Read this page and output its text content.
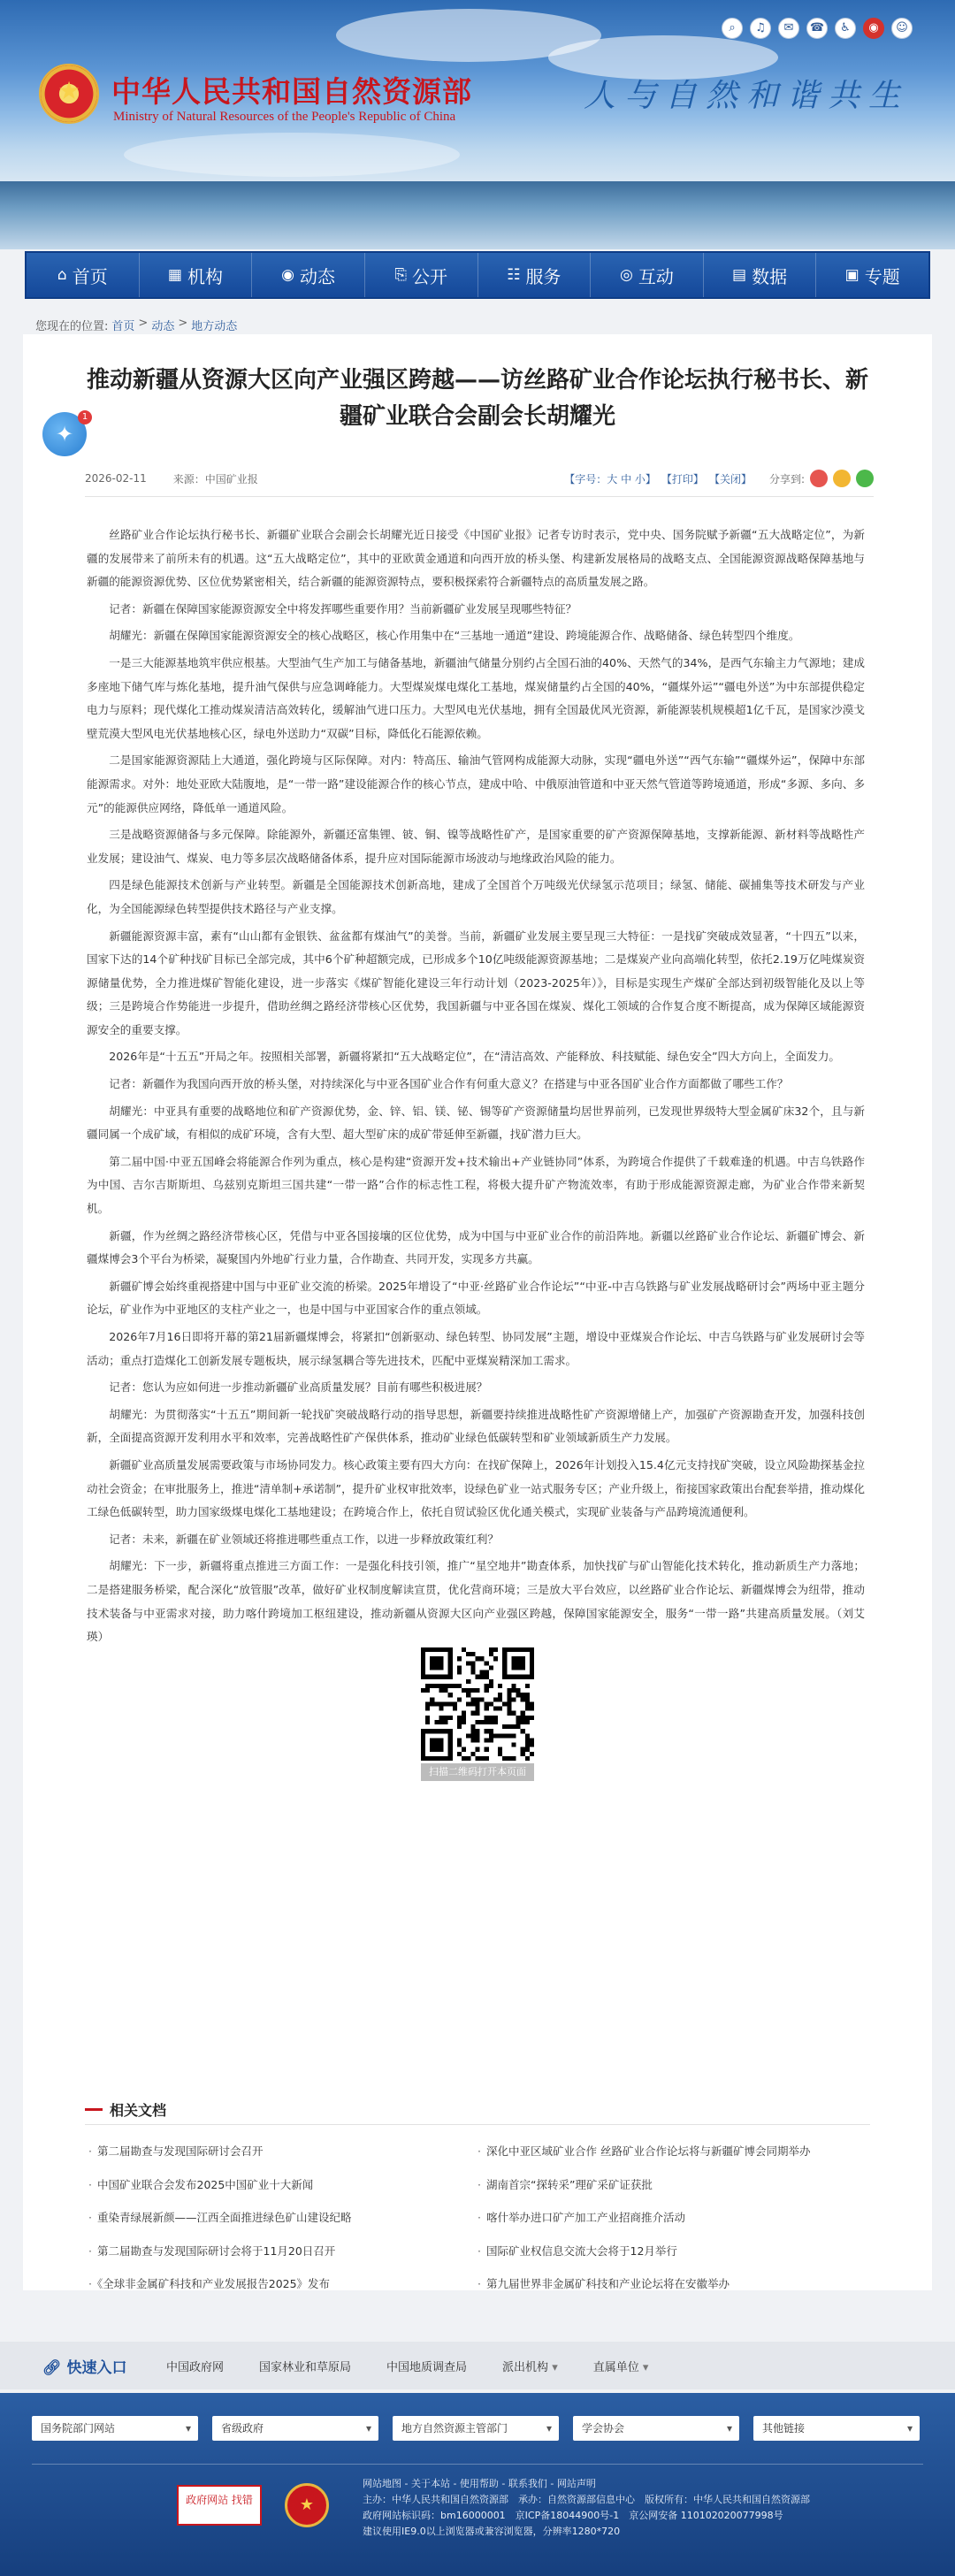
⌕	♫	✉	☎	♿	◉	☺
★
中华人民共和国自然资源部
Ministry of Natural Resources of the People's Republic of China
人与自然和谐共生
⌂ 首页	▦ 机构	◉ 动态	⎘ 公开	☷ 服务	◎ 互动	▤ 数据	▣ 专题
您现在的位置: 首页 > 动态 > 地方动态
✦
1
推动新疆从资源大区向产业强区跨越——访丝路矿业合作论坛执行秘书长、新疆矿业联合会副会长胡耀光
2026-02-11	来源：中国矿业报	【字号：大 中 小】 【打印】 【关闭】 分享到:

丝路矿业合作论坛执行秘书长、新疆矿业联合会副会长胡耀光近日接受《中国矿业报》记者专访时表示，党中央、国务院赋予新疆“五大战略定位”，为新疆的发展带来了前所未有的机遇。这“五大战略定位”，其中的亚欧黄金通道和向西开放的桥头堡、构建新发展格局的战略支点、全国能源资源战略保障基地与新疆的能源资源优势、区位优势紧密相关，结合新疆的能源资源特点，要积极探索符合新疆特点的高质量发展之路。

记者：新疆在保障国家能源资源安全中将发挥哪些重要作用？当前新疆矿业发展呈现哪些特征？

胡耀光：新疆在保障国家能源资源安全的核心战略区，核心作用集中在“三基地一通道”建设、跨境能源合作、战略储备、绿色转型四个维度。

一是三大能源基地筑牢供应根基。大型油气生产加工与储备基地，新疆油气储量分别约占全国石油的40%、天然气的34%，是西气东输主力气源地；建成多座地下储气库与炼化基地，提升油气保供与应急调峰能力。大型煤炭煤电煤化工基地，煤炭储量约占全国的40%，“疆煤外运”“疆电外送”为中东部提供稳定电力与原料；现代煤化工推动煤炭清洁高效转化，缓解油气进口压力。大型风电光伏基地，拥有全国最优风光资源，新能源装机规模超1亿千瓦，是国家沙漠戈壁荒漠大型风电光伏基地核心区，绿电外送助力“双碳”目标，降低化石能源依赖。

二是国家能源资源陆上大通道，强化跨境与区际保障。对内：特高压、输油气管网构成能源大动脉，实现“疆电外送”“西气东输”“疆煤外运”，保障中东部能源需求。对外：地处亚欧大陆腹地，是“一带一路”建设能源合作的核心节点，建成中哈、中俄原油管道和中亚天然气管道等跨境通道，形成“多源、多向、多元”的能源供应网络，降低单一通道风险。

三是战略资源储备与多元保障。除能源外，新疆还富集锂、铍、铜、镍等战略性矿产，是国家重要的矿产资源保障基地，支撑新能源、新材料等战略性产业发展；建设油气、煤炭、电力等多层次战略储备体系，提升应对国际能源市场波动与地缘政治风险的能力。

四是绿色能源技术创新与产业转型。新疆是全国能源技术创新高地，建成了全国首个万吨级光伏绿氢示范项目；绿氢、储能、碳捕集等技术研发与产业化，为全国能源绿色转型提供技术路径与产业支撑。

新疆能源资源丰富，素有“山山都有金银铁、盆盆都有煤油气”的美誉。当前，新疆矿业发展主要呈现三大特征：一是找矿突破成效显著，“十四五”以来，国家下达的14个矿种找矿目标已全部完成，其中6个矿种超额完成，已形成多个10亿吨级能源资源基地；二是煤炭产业向高端化转型，依托2.19万亿吨煤炭资源储量优势，全力推进煤矿智能化建设，进一步落实《煤矿智能化建设三年行动计划（2023-2025年）》，目标是实现生产煤矿全部达到初级智能化及以上等级；三是跨境合作势能进一步提升，借助丝绸之路经济带核心区优势，我国新疆与中亚各国在煤炭、煤化工领域的合作复合度不断提高，成为保障区域能源资源安全的重要支撑。

2026年是“十五五”开局之年。按照相关部署，新疆将紧扣“五大战略定位”，在“清洁高效、产能释放、科技赋能、绿色安全”四大方向上，全面发力。

记者：新疆作为我国向西开放的桥头堡，对持续深化与中亚各国矿业合作有何重大意义？在搭建与中亚各国矿业合作方面都做了哪些工作？

胡耀光：中亚具有重要的战略地位和矿产资源优势，金、锌、铝、镁、铋、锡等矿产资源储量均居世界前列，已发现世界级特大型金属矿床32个，且与新疆同属一个成矿域，有相似的成矿环境，含有大型、超大型矿床的成矿带延伸至新疆，找矿潜力巨大。

第二届中国·中亚五国峰会将能源合作列为重点，核心是构建“资源开发+技术输出+产业链协同”体系，为跨境合作提供了千载难逢的机遇。中吉乌铁路作为中国、吉尔吉斯斯坦、乌兹别克斯坦三国共建“一带一路”合作的标志性工程，将极大提升矿产物流效率，有助于形成能源资源走廊，为矿业合作带来新契机。

新疆，作为丝绸之路经济带核心区，凭借与中亚各国接壤的区位优势，成为中国与中亚矿业合作的前沿阵地。新疆以丝路矿业合作论坛、新疆矿博会、新疆煤博会3个平台为桥梁，凝聚国内外地矿行业力量，合作勘查、共同开发，实现多方共赢。

新疆矿博会始终重视搭建中国与中亚矿业交流的桥梁。2025年增设了“中亚·丝路矿业合作论坛”“中亚-中吉乌铁路与矿业发展战略研讨会”两场中亚主题分论坛，矿业作为中亚地区的支柱产业之一，也是中国与中亚国家合作的重点领域。

2026年7月16日即将开幕的第21届新疆煤博会，将紧扣“创新驱动、绿色转型、协同发展”主题，增设中亚煤炭合作论坛、中吉乌铁路与矿业发展研讨会等活动；重点打造煤化工创新发展专题板块，展示绿氢耦合等先进技术，匹配中亚煤炭精深加工需求。

记者：您认为应如何进一步推动新疆矿业高质量发展？目前有哪些积极进展？

胡耀光：为贯彻落实“十五五”期间新一轮找矿突破战略行动的指导思想，新疆要持续推进战略性矿产资源增储上产，加强矿产资源勘查开发，加强科技创新，全面提高资源开发利用水平和效率，完善战略性矿产保供体系，推动矿业绿色低碳转型和矿业领域新质生产力发展。

新疆矿业高质量发展需要政策与市场协同发力。核心政策主要有四大方向：在找矿保障上，2026年计划投入15.4亿元支持找矿突破，设立风险勘探基金拉动社会资金；在审批服务上，推进“清单制+承诺制”，提升矿业权审批效率，设绿色矿业一站式服务专区；产业升级上，衔接国家政策出台配套举措，推动煤化工绿色低碳转型，助力国家级煤电煤化工基地建设；在跨境合作上，依托自贸试验区优化通关模式，实现矿业装备与产品跨境流通便利。

记者：未来，新疆在矿业领域还将推进哪些重点工作，以进一步释放政策红利？

胡耀光：下一步，新疆将重点推进三方面工作：一是强化科技引领，推广“星空地井”勘查体系，加快找矿与矿山智能化技术转化，推动新质生产力落地；二是搭建服务桥梁，配合深化“放管服”改革，做好矿业权制度解读宣贯，优化营商环境；三是放大平台效应，以丝路矿业合作论坛、新疆煤博会为纽带，推动技术装备与中亚需求对接，助力喀什跨境加工枢纽建设，推动新疆从资源大区向产业强区跨越，保障国家能源安全，服务“一带一路”共建高质量发展。（刘艾瑛）

扫描二维码打开本页面
相关文档
· 第二届勘查与发现国际研讨会召开	· 深化中亚区域矿业合作 丝路矿业合作论坛将与新疆矿博会同期举办
· 中国矿业联合会发布2025中国矿业十大新闻	· 湖南首宗“探转采”理矿采矿证获批
· 重染青绿展新颜——江西全面推进绿色矿山建设纪略	· 喀什举办进口矿产加工产业招商推介活动
· 第二届勘查与发现国际研讨会将于11月20日召开	· 国际矿业权信息交流大会将于12月举行
· 《全球非金属矿科技和产业发展报告2025》发布	· 第九届世界非金属矿科技和产业论坛将在安徽举办
🔗︎ 快速入口	中国政府网	国家林业和草原局	中国地质调查局	派出机构 ▾	直属单位 ▾
国务院部门网站 ▾	省级政府 ▾	地方自然资源主管部门 ▾	学会协会 ▾	其他链接 ▾
政府网站 找错	★
网站地图 - 关于本站 - 使用帮助 - 联系我们 - 网站声明
主办：中华人民共和国自然资源部　承办：自然资源部信息中心　版权所有：中华人民共和国自然资源部
政府网站标识码：bm16000001　京ICP备18044900号-1　京公网安备 110102020077998号
建议使用IE9.0以上浏览器或兼容浏览器，分辨率1280*720
